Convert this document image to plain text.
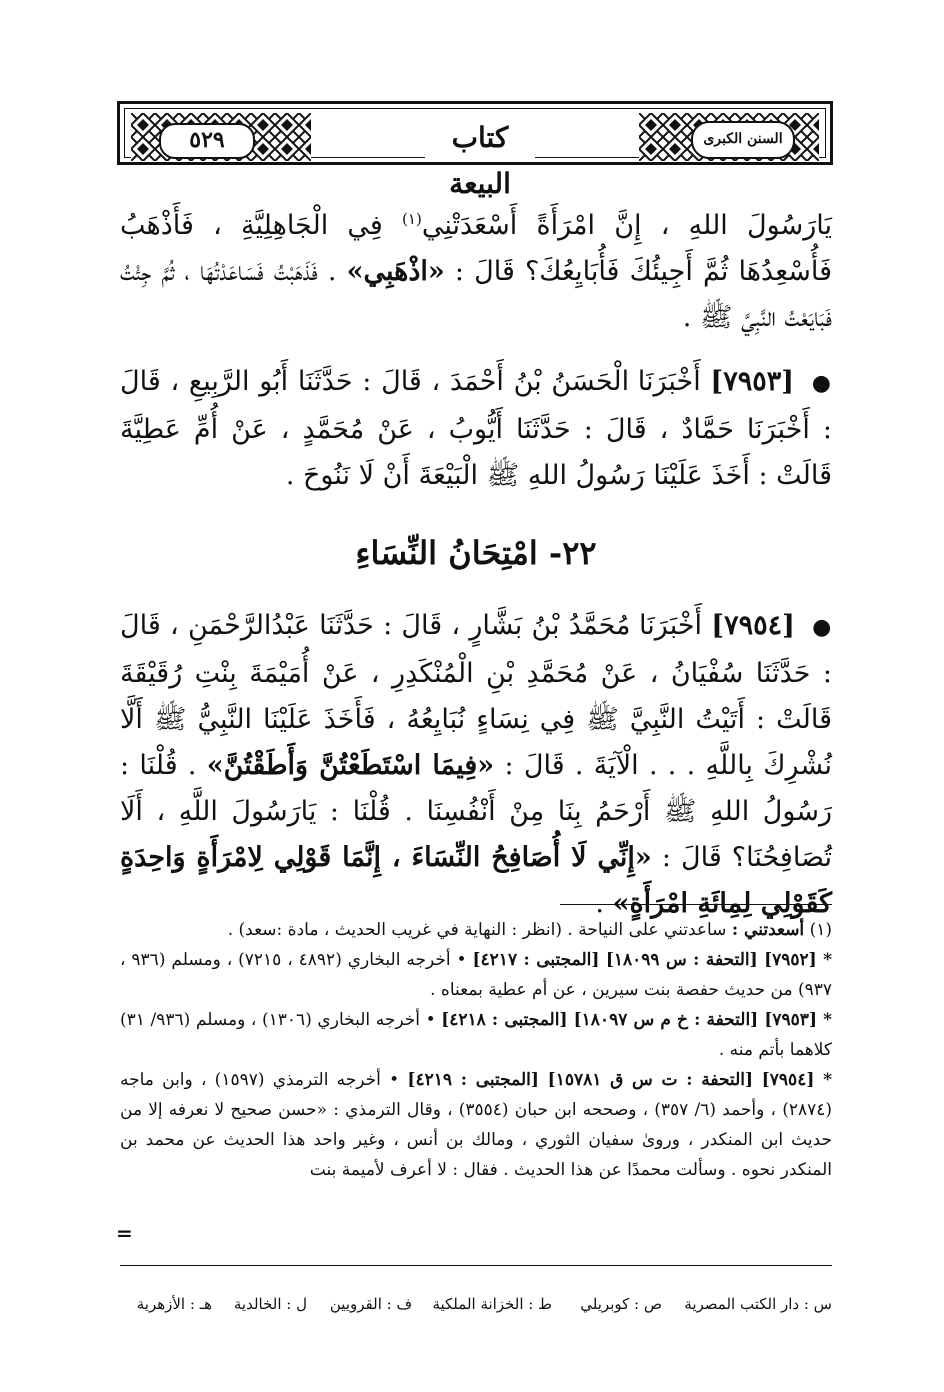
٥٢٩	السنن الكبرى
كتاب البيعة

يَارَسُولَ اللهِ ، إِنَّ امْرَأَةً أَسْعَدَتْنِي$^{(١)}$ فِي الْجَاهِلِيَّةِ ، فَأَذْهَبُ فَأُسْعِدُهَا ثُمَّ أَجِيئُكَ فَأُبَايِعُكَ؟ قَالَ : «اذْهَبِي» . فَذَهَبْتُ فَسَاعَدْتُهَا ، ثُمَّ جِئْتُ فَبَايَعْتُ النَّبِيَّ ﷺ .

● [٧٩٥٣] أَخْبَرَنَا الْحَسَنُ بْنُ أَحْمَدَ ، قَالَ : حَدَّثَنَا أَبُو الرَّبِيعِ ، قَالَ : أَخْبَرَنَا حَمَّادٌ ، قَالَ : حَدَّثَنَا أَيُّوبُ ، عَنْ مُحَمَّدٍ ، عَنْ أُمِّ عَطِيَّةَ قَالَتْ : أَخَذَ عَلَيْنَا رَسُولُ اللهِ ﷺ الْبَيْعَةَ أَنْ لَا نَنُوحَ .

٢٢- امْتِحَانُ النِّسَاءِ

● [٧٩٥٤] أَخْبَرَنَا مُحَمَّدُ بْنُ بَشَّارٍ ، قَالَ : حَدَّثَنَا عَبْدُالرَّحْمَنِ ، قَالَ : حَدَّثَنَا سُفْيَانُ ، عَنْ مُحَمَّدِ بْنِ الْمُنْكَدِرِ ، عَنْ أُمَيْمَةَ بِنْتِ رُقَيْقَةَ قَالَتْ : أَتَيْتُ النَّبِيَّ ﷺ فِي نِسَاءٍ نُبَايِعُهُ ، فَأَخَذَ عَلَيْنَا النَّبِيُّ ﷺ أَلَّا نُشْرِكَ بِاللَّهِ . . . الْآيَةَ . قَالَ : «فِيمَا اسْتَطَعْتُنَّ وَأَطَقْتُنَّ» . قُلْنَا : رَسُولُ اللهِ ﷺ أَرْحَمُ بِنَا مِنْ أَنْفُسِنَا . قُلْنَا : يَارَسُولَ اللَّهِ ، أَلَا تُصَافِحُنَا؟ قَالَ : «إِنِّي لَا أُصَافِحُ النِّسَاءَ ، إِنَّمَا قَوْلِي لِامْرَأَةٍ وَاحِدَةٍ كَقَوْلِي لِمِائَةِ امْرَأَةٍ» .

(١) أسعدتني : ساعدتني على النياحة . (انظر : النهاية في غريب الحديث ، مادة :سعد) .

* [٧٩٥٢] [التحفة : س ١٨٠٩٩] [المجتبى : ٤٢١٧] • أخرجه البخاري (٤٨٩٢ ، ٧٢١٥) ، ومسلم (٩٣٦ ، ٩٣٧) من حديث حفصة بنت سيرين ، عن أم عطية بمعناه .

* [٧٩٥٣] [التحفة : خ م س ١٨٠٩٧] [المجتبى : ٤٢١٨] • أخرجه البخاري (١٣٠٦) ، ومسلم (٩٣٦/ ٣١) كلاهما بأتم منه .

* [٧٩٥٤] [التحفة : ت س ق ١٥٧٨١] [المجتبى : ٤٢١٩] • أخرجه الترمذي (١٥٩٧) ، وابن ماجه (٢٨٧٤) ، وأحمد (٦/ ٣٥٧) ، وصححه ابن حبان (٣٥٥٤) ، وقال الترمذي : «حسن صحيح لا نعرفه إلا من حديث ابن المنكدر ، وروىٰ سفيان الثوري ، ومالك بن أنس ، وغير واحد هذا الحديث عن محمد بن المنكدر نحوه . وسألت محمدًا عن هذا الحديث . فقال : لا أعرف لأميمة بنت

=
س : دار الكتب المصرية
ص : كوبريلي
ط : الخزانة الملكية
ف : القرويين
ل : الخالدية
هـ : الأزهرية
